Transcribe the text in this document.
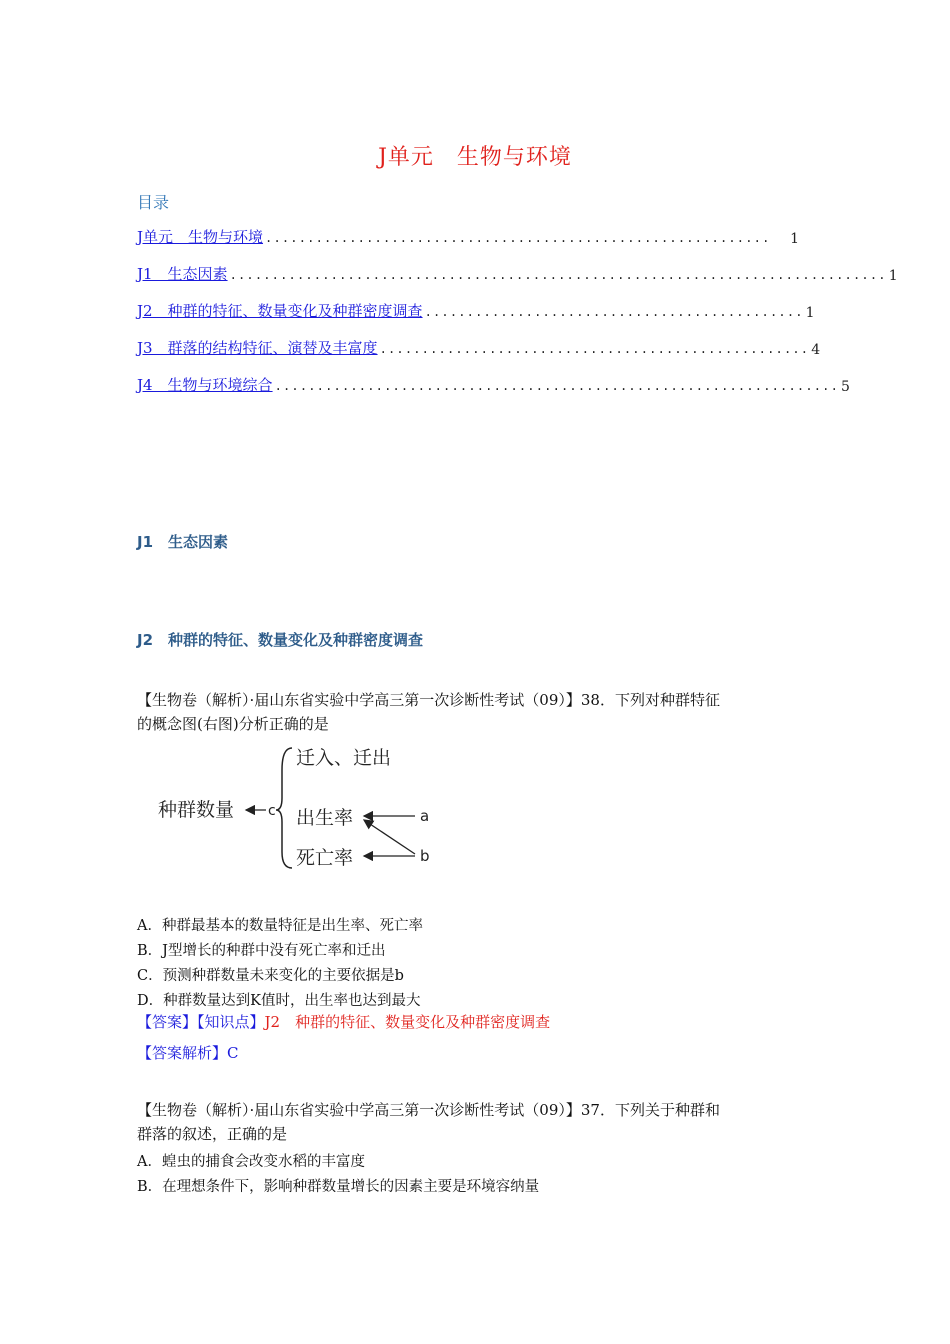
J单元　生物与环境
目录
J单元　生物与环境 ............................................................	1
J1　生态因素 .............................................................................. 1
J2　种群的特征、数量变化及种群密度调查 ............................................. 1
J3　群落的结构特征、演替及丰富度 ................................................... 4
J4　生物与环境综合 ................................................................... 5
J1　生态因素
J2　种群的特征、数量变化及种群密度调查
【生物卷（解析）·届山东省实验中学高三第一次诊断性考试（09）】38．下列对种群特征
的概念图(右图)分析正确的是
种群数量 c
迁入、迁出
出生率
死亡率
a
b
A．种群最基本的数量特征是出生率、死亡率
B．J型增长的种群中没有死亡率和迁出
C．预测种群数量未来变化的主要依据是b
D．种群数量达到K值时，出生率也达到最大
【答案】【知识点】J2　种群的特征、数量变化及种群密度调查
【答案解析】C
【生物卷（解析）·届山东省实验中学高三第一次诊断性考试（09）】37．下列关于种群和
群落的叙述，正确的是
A．蝗虫的捕食会改变水稻的丰富度
B．在理想条件下，影响种群数量增长的因素主要是环境容纳量
